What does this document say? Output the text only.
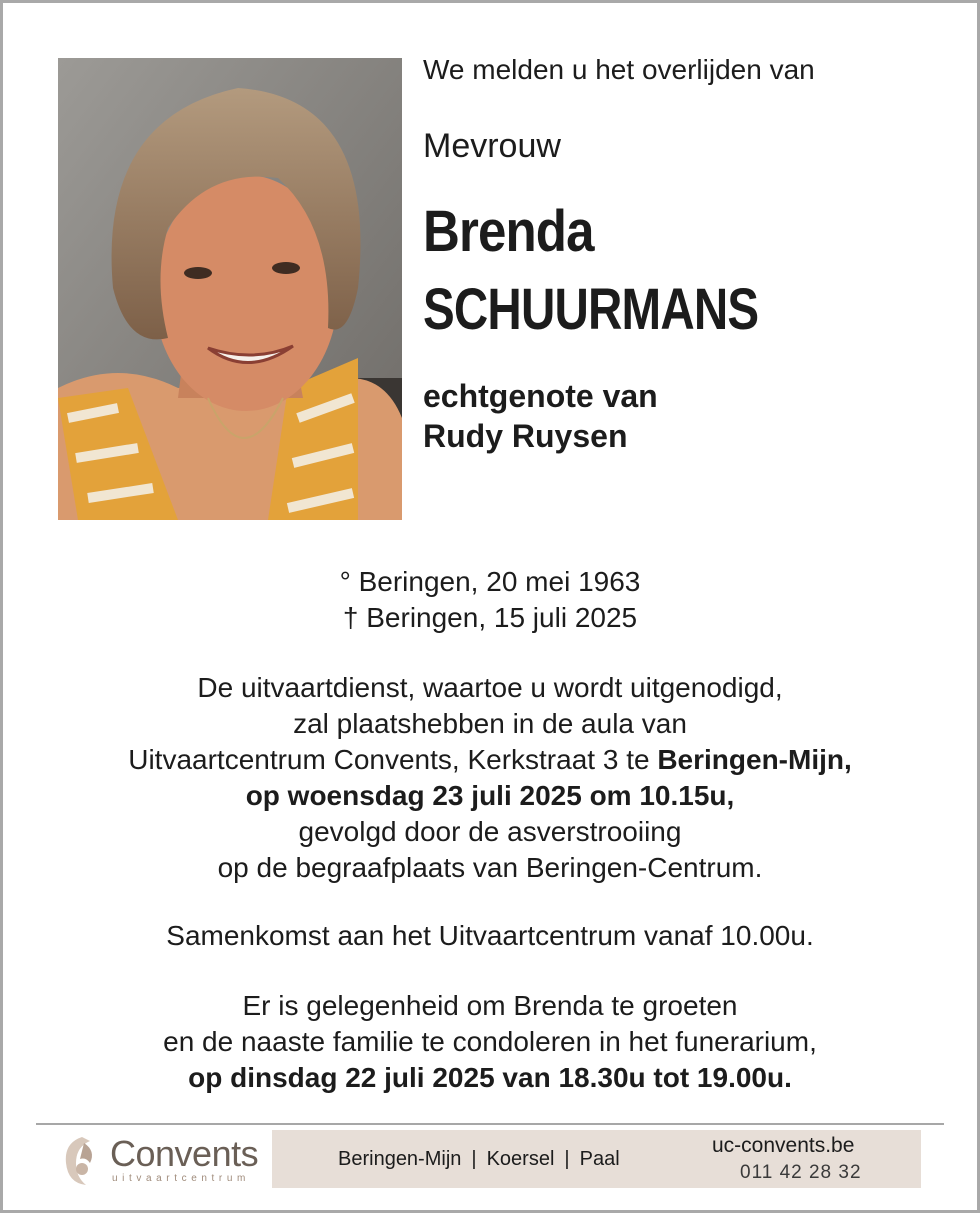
We melden u het overlijden van
Mevrouw
Brenda
SCHUURMANS
echtgenote van
Rudy Ruysen
° Beringen, 20 mei 1963
† Beringen, 15 juli 2025
De uitvaartdienst, waartoe u wordt uitgenodigd,
zal plaatshebben in de aula van
Uitvaartcentrum Convents, Kerkstraat 3 te Beringen-Mijn,
op woensdag 23 juli 2025 om 10.15u,
gevolgd door de asverstrooiing
op de begraafplaats van Beringen-Centrum.
Samenkomst aan het Uitvaartcentrum vanaf 10.00u.
Er is gelegenheid om Brenda te groeten
en de naaste familie te condoleren in het funerarium,
op dinsdag 22 juli 2025 van 18.30u tot 19.00u.
Convents
uitvaartcentrum
Beringen-Mijn | Koersel | Paal
uc-convents.be
011 42 28 32
